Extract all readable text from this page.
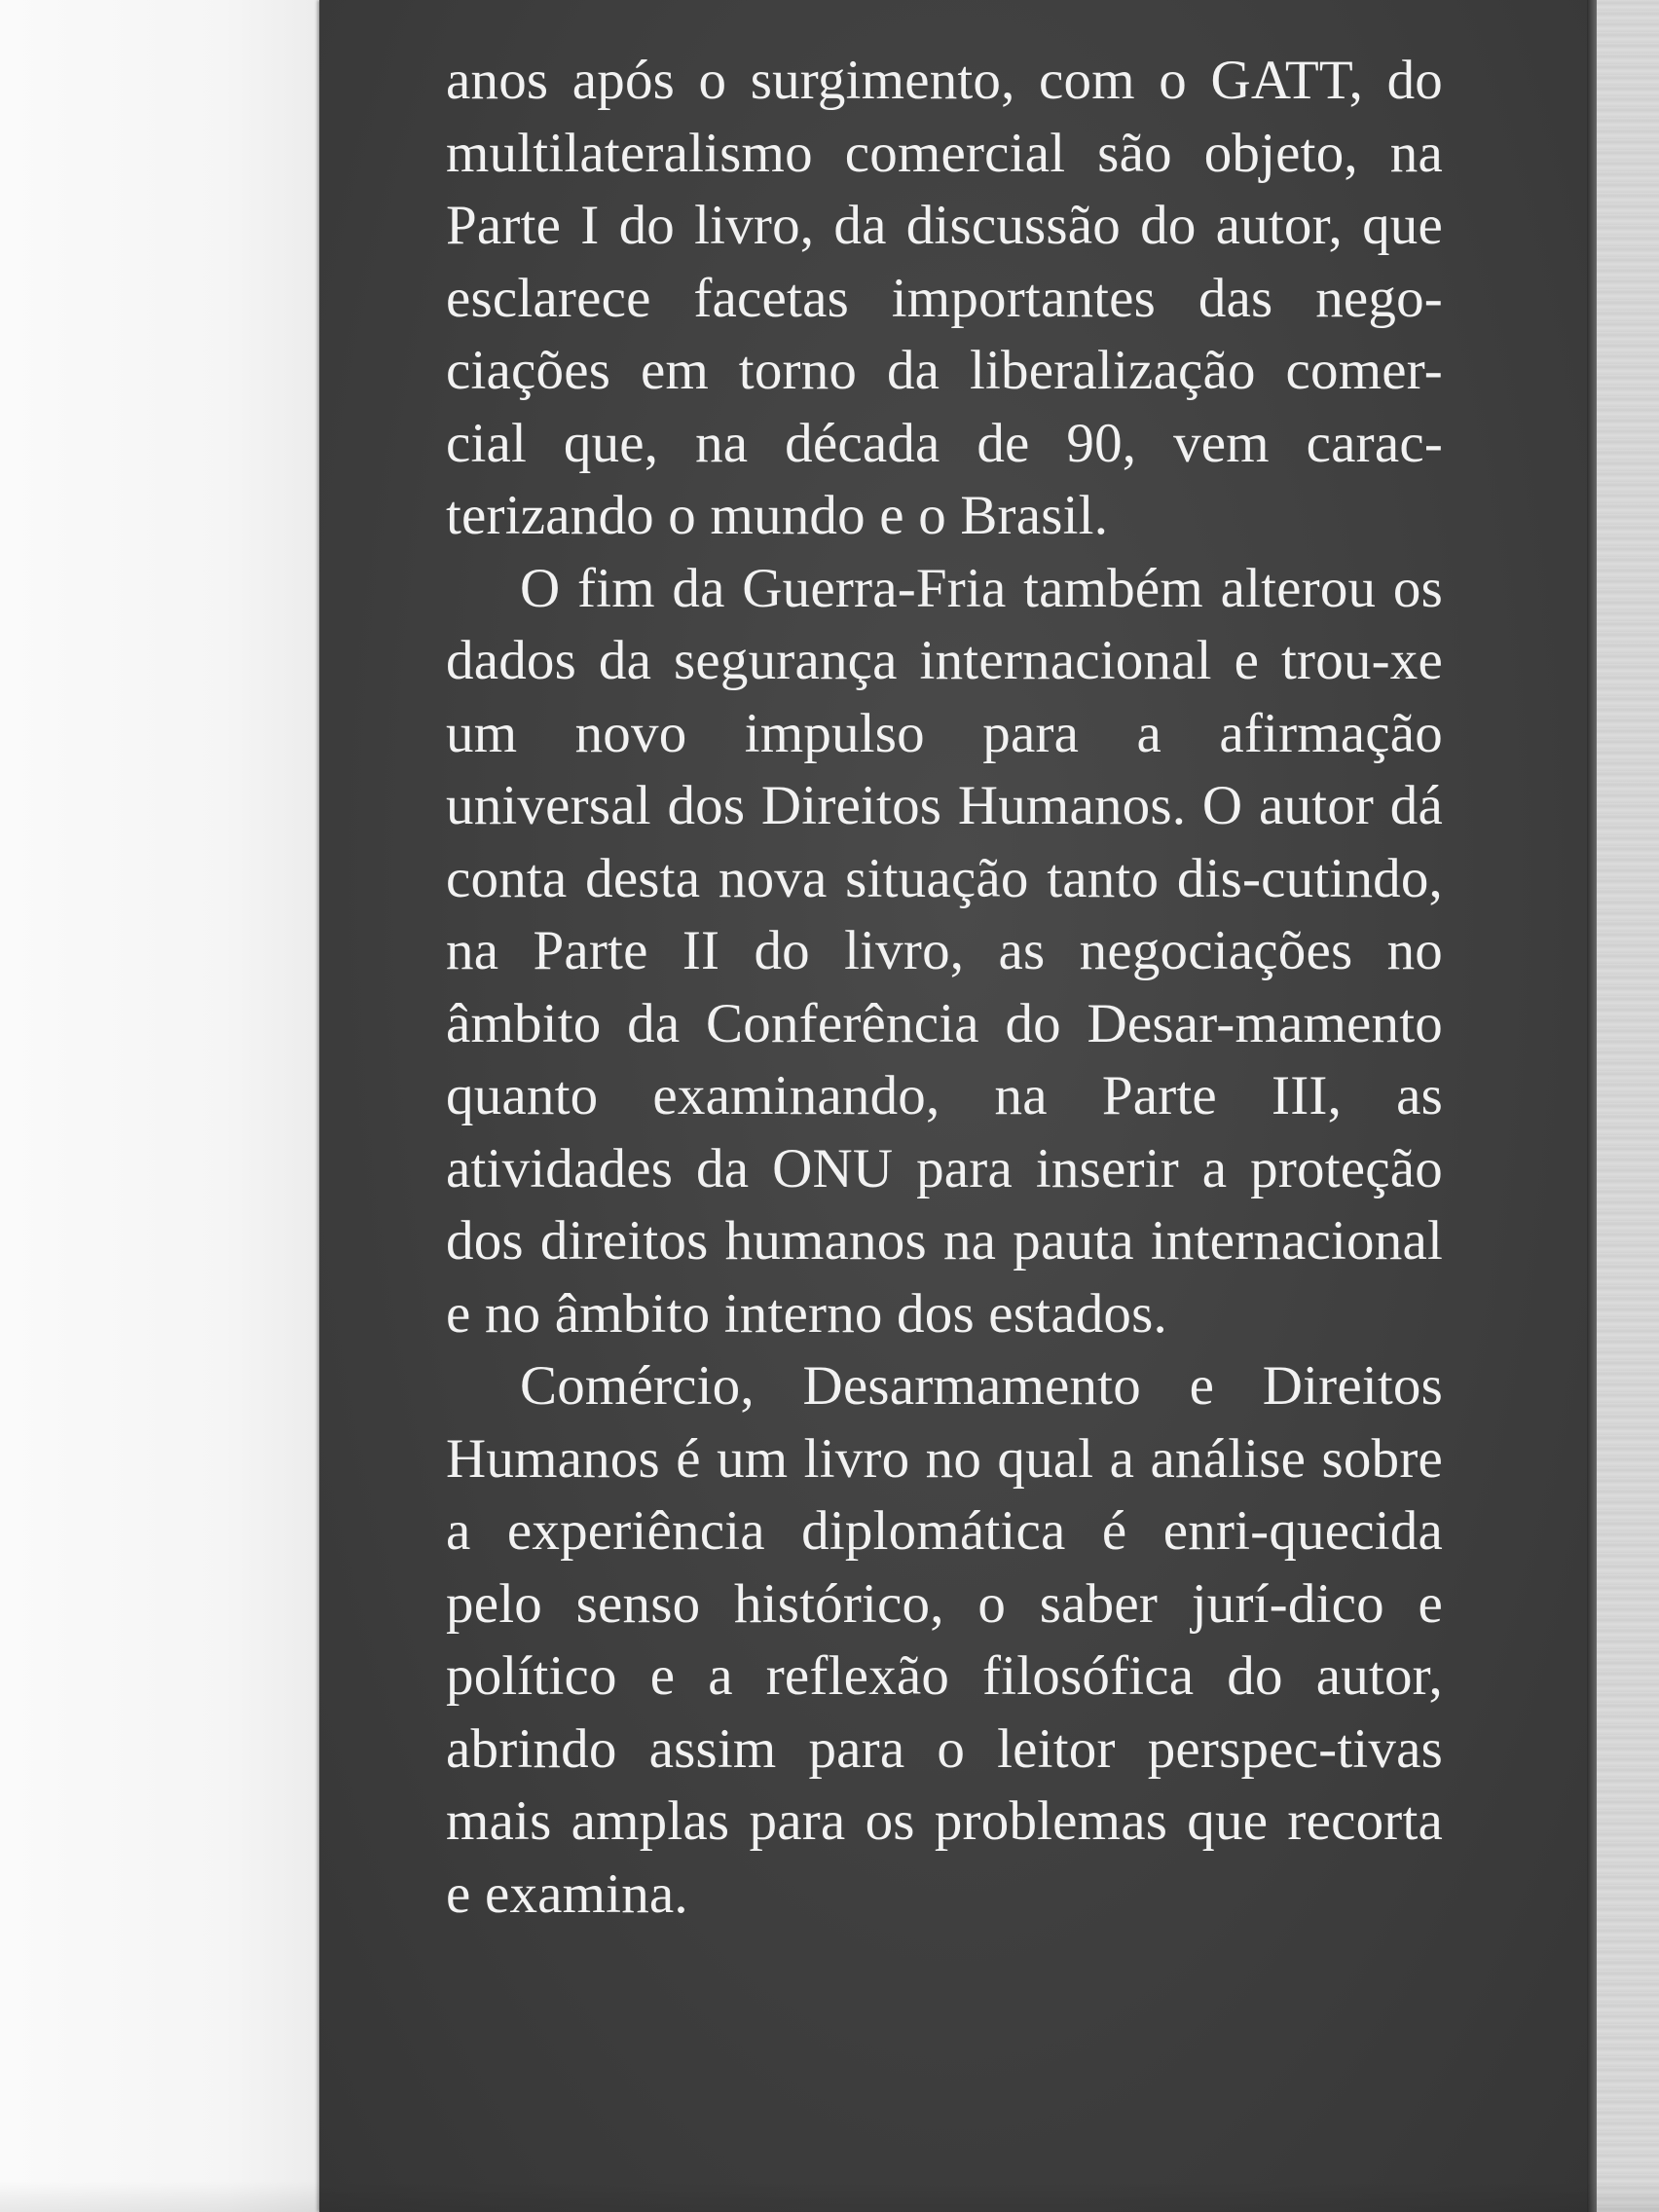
anos após o surgimento, com o GATT, do multilateralismo comercial são objeto, na Parte I do livro, da discussão do autor, que esclarece facetas importantes das nego-ciações em torno da liberalização comer-cial que, na década de 90, vem carac-terizando o mundo e o Brasil.

O fim da Guerra-Fria também alterou os dados da segurança internacional e trou-xe um novo impulso para a afirmação universal dos Direitos Humanos. O autor dá conta desta nova situação tanto dis-cutindo, na Parte II do livro, as negociações no âmbito da Conferência do Desar-mamento quanto examinando, na Parte III, as atividades da ONU para inserir a proteção dos direitos humanos na pauta internacional e no âmbito interno dos estados.

Comércio, Desarmamento e Direitos Humanos é um livro no qual a análise sobre a experiência diplomática é enri-quecida pelo senso histórico, o saber jurí-dico e político e a reflexão filosófica do autor, abrindo assim para o leitor perspec-tivas mais amplas para os problemas que recorta e examina.
